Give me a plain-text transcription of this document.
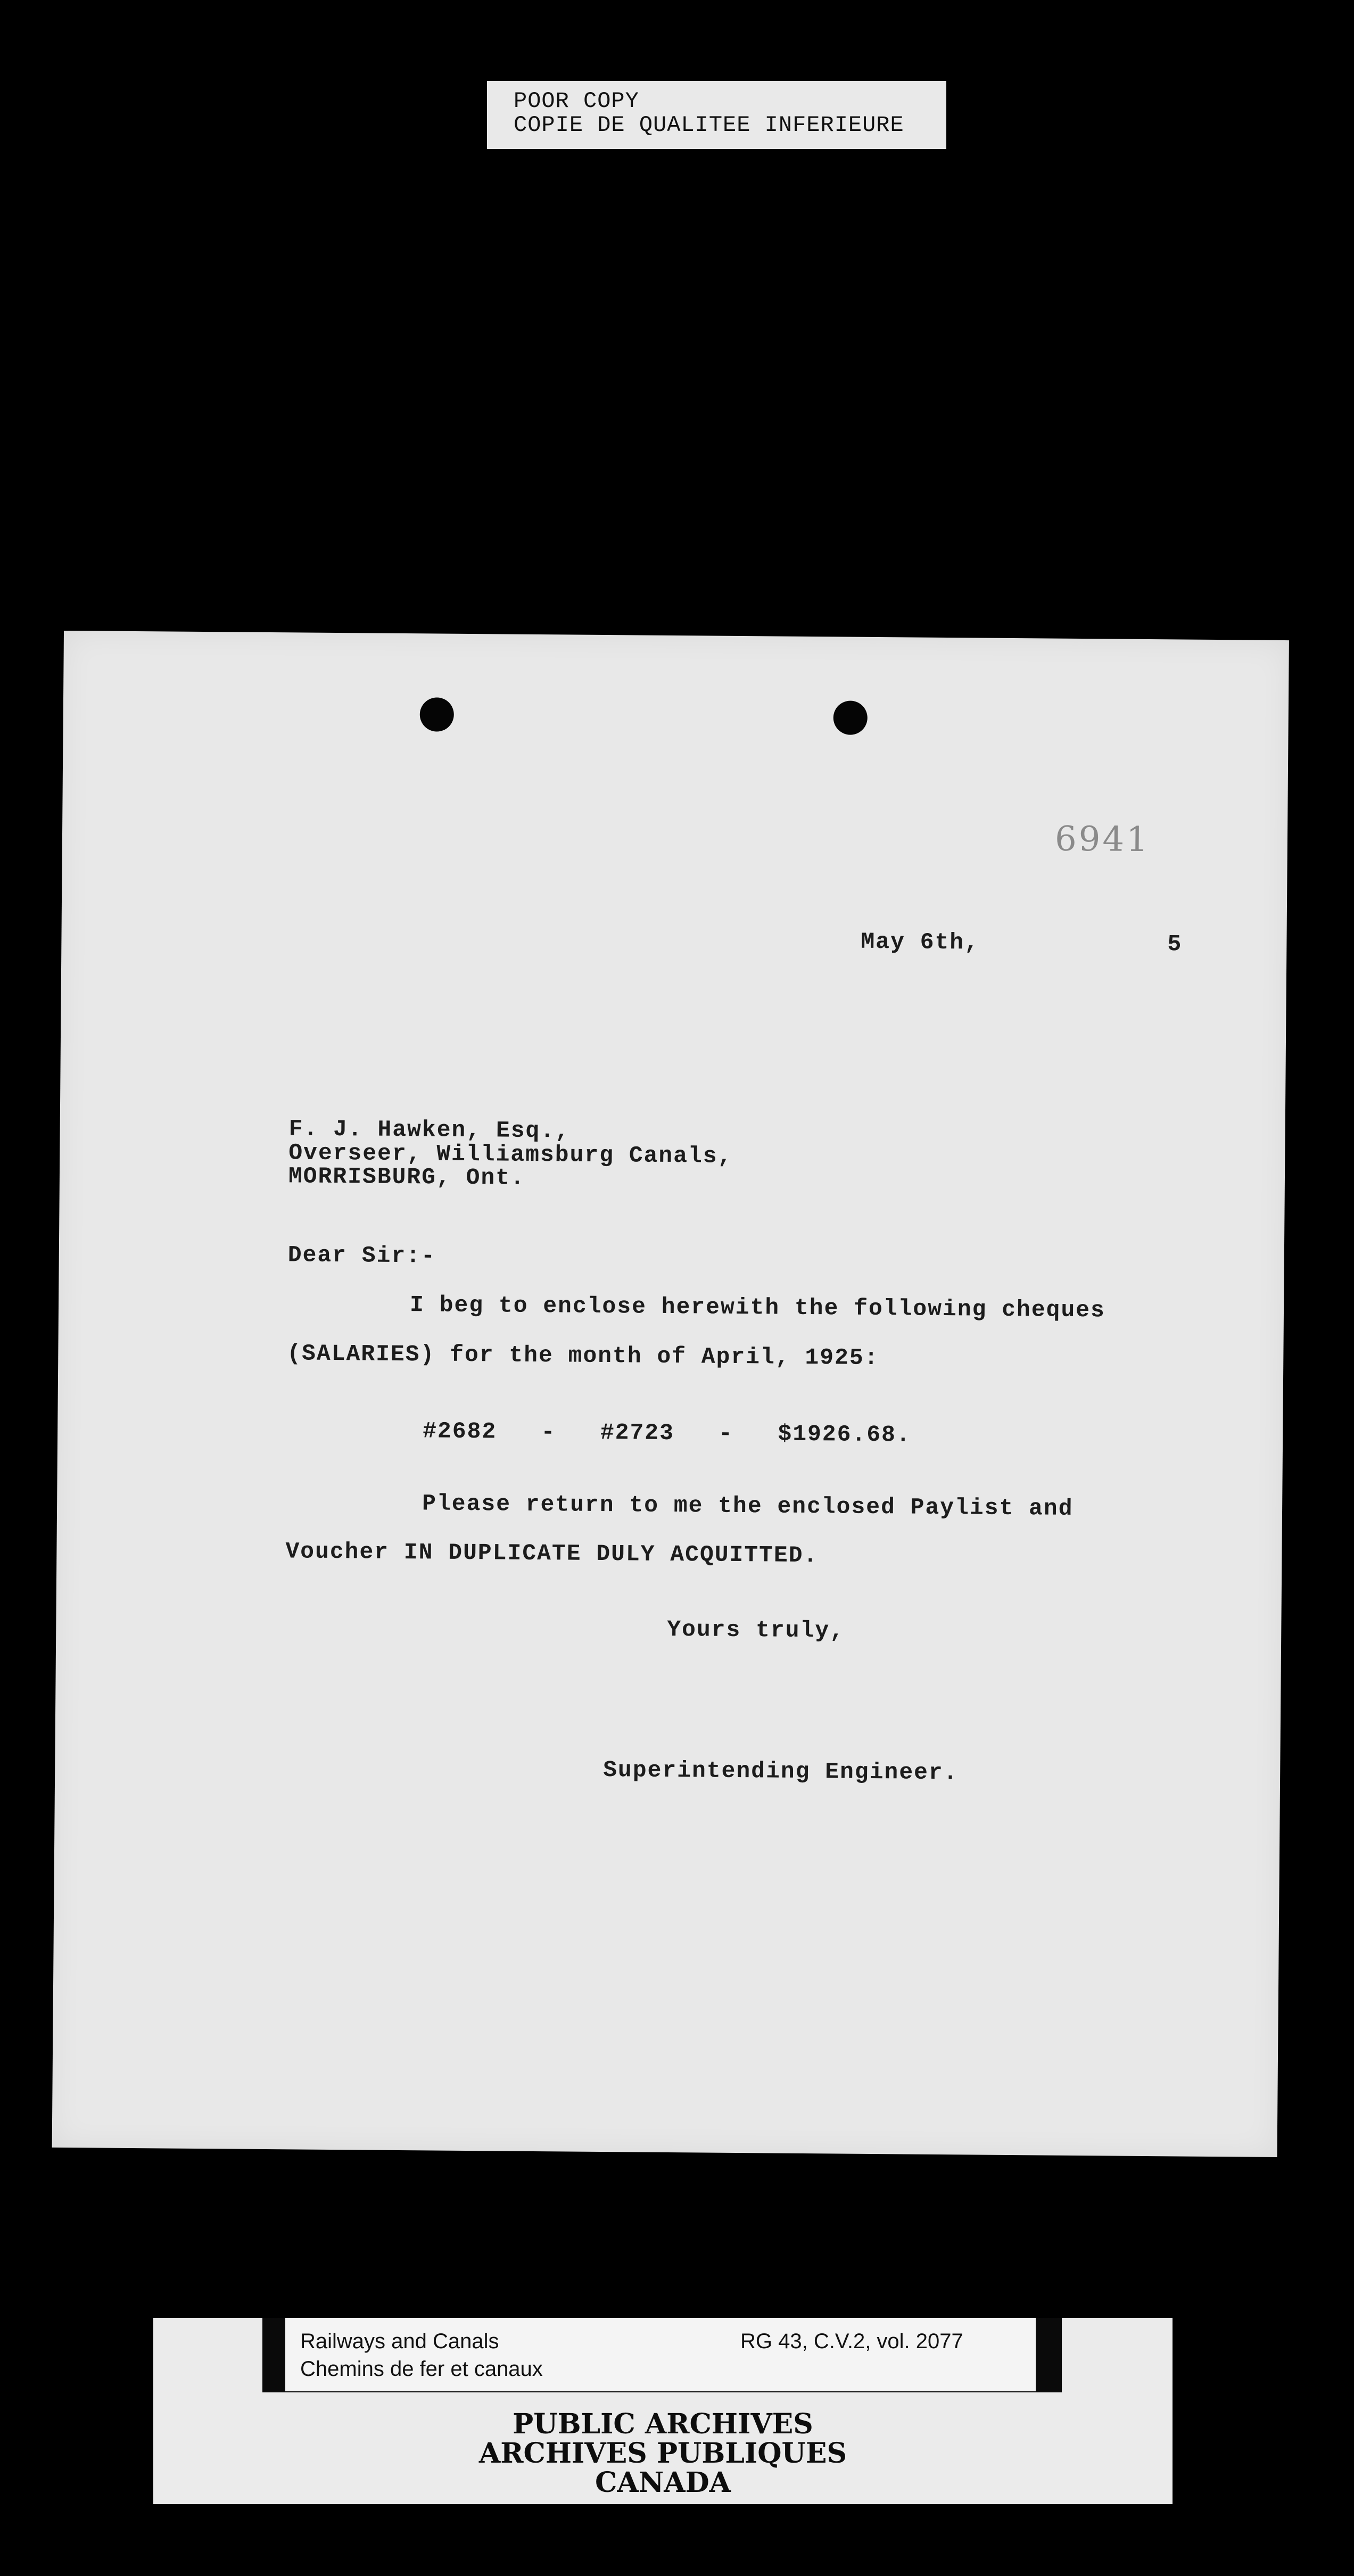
POOR COPY
COPIE DE QUALITEE INFERIEURE
6941
May 6th,	5
F. J. Hawken, Esq.,
Overseer, Williamsburg Canals,
MORRISBURG, Ont.
Dear Sir:-
I beg to enclose herewith the following cheques
(SALARIES) for the month of April, 1925:
#2682   -   #2723   -   $1926.68.
Please return to me the enclosed Paylist and
Voucher IN DUPLICATE DULY ACQUITTED.
Yours truly,
Superintending Engineer.
Railways and Canals
Chemins de fer et canaux
RG 43, C.V.2, vol. 2077
PUBLIC ARCHIVES
ARCHIVES PUBLIQUES
CANADA
